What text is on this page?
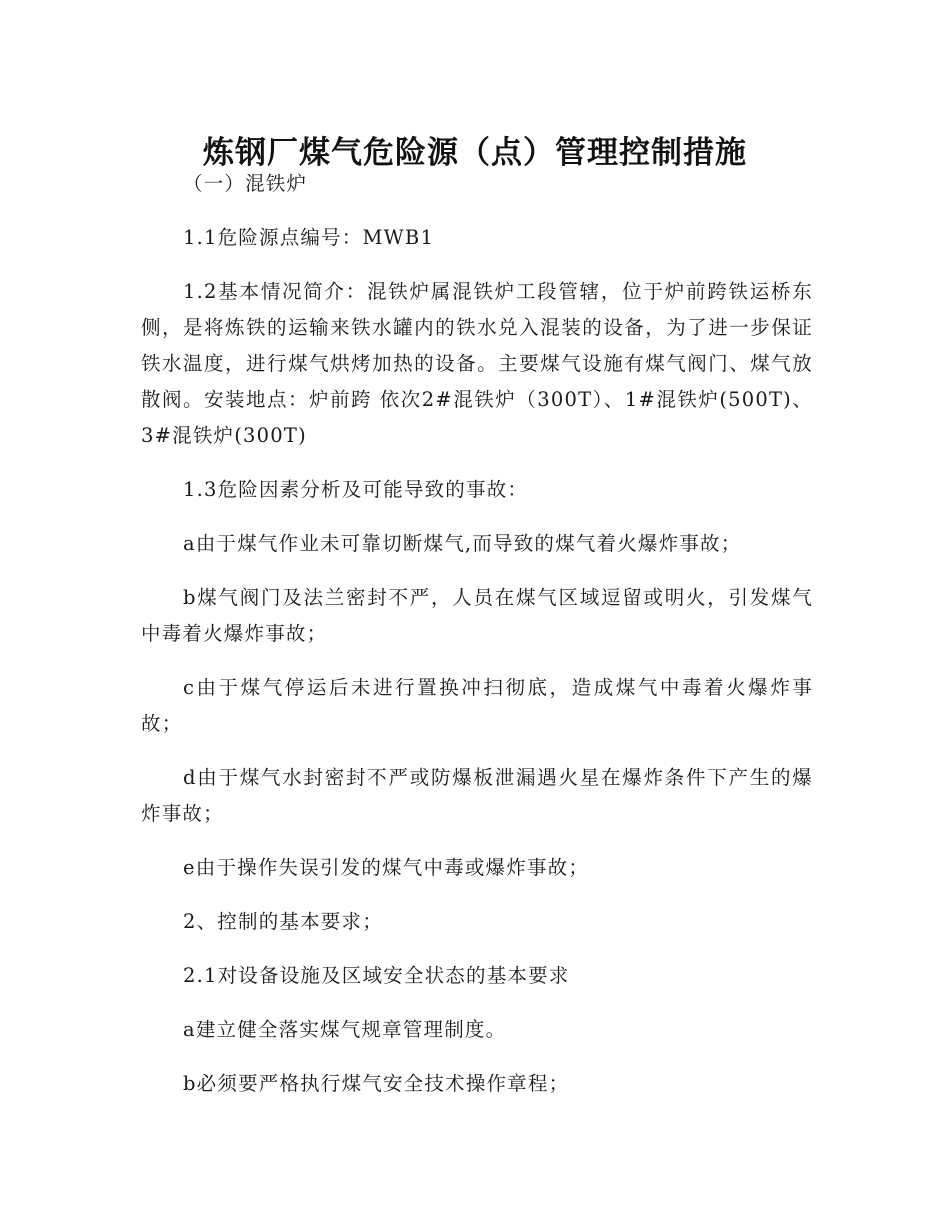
炼钢厂煤气危险源（点）管理控制措施

（一）混铁炉

1.1危险源点编号：MWB1

1.2基本情况简介：混铁炉属混铁炉工段管辖，位于炉前跨铁运桥东侧，是将炼铁的运输来铁水罐内的铁水兑入混装的设备，为了进一步保证铁水温度，进行煤气烘烤加热的设备。主要煤气设施有煤气阀门、煤气放散阀。安装地点：炉前跨 依次2#混铁炉（300T）、1#混铁炉(500T)、3#混铁炉(300T)

1.3危险因素分析及可能导致的事故：

a由于煤气作业未可靠切断煤气,而导致的煤气着火爆炸事故；

b煤气阀门及法兰密封不严，人员在煤气区域逗留或明火，引发煤气中毒着火爆炸事故；

c由于煤气停运后未进行置换冲扫彻底，造成煤气中毒着火爆炸事故；

d由于煤气水封密封不严或防爆板泄漏遇火星在爆炸条件下产生的爆炸事故；

e由于操作失误引发的煤气中毒或爆炸事故；

2、控制的基本要求；

2.1对设备设施及区域安全状态的基本要求

a建立健全落实煤气规章管理制度。

b必须要严格执行煤气安全技术操作章程；
